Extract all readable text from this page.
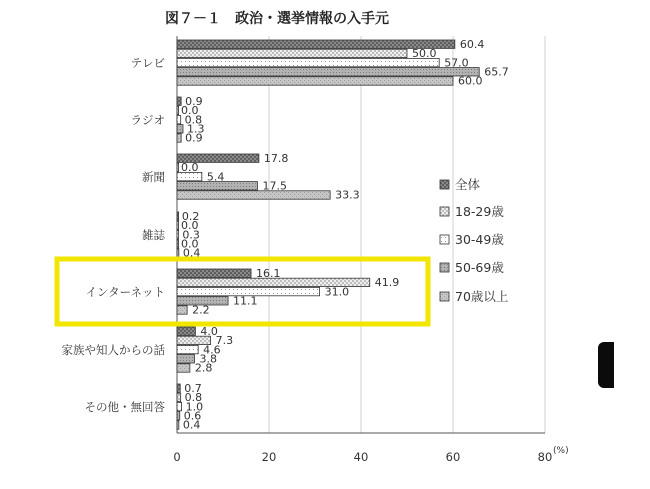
図７－１　政治・選挙情報の入手元
60.4
0.9
17.8
0.2
16.1
4.0
0.7
50.0
0.0
0.0
0.0
41.9
7.3
0.8
57.0
0.8
5.4
0.3
31.0
4.6
1.0
65.7
1.3
17.5
0.0
11.1
3.8
0.6
60.0
0.9
33.3
0.4
2.2
2.8
0.4
テレビ
ラジオ
新聞
雑誌
インターネット
家族や知人からの話
その他・無回答
0	20	40	60	80 (%)
全体
18-29歳
30-49歳
50-69歳
70歳以上
